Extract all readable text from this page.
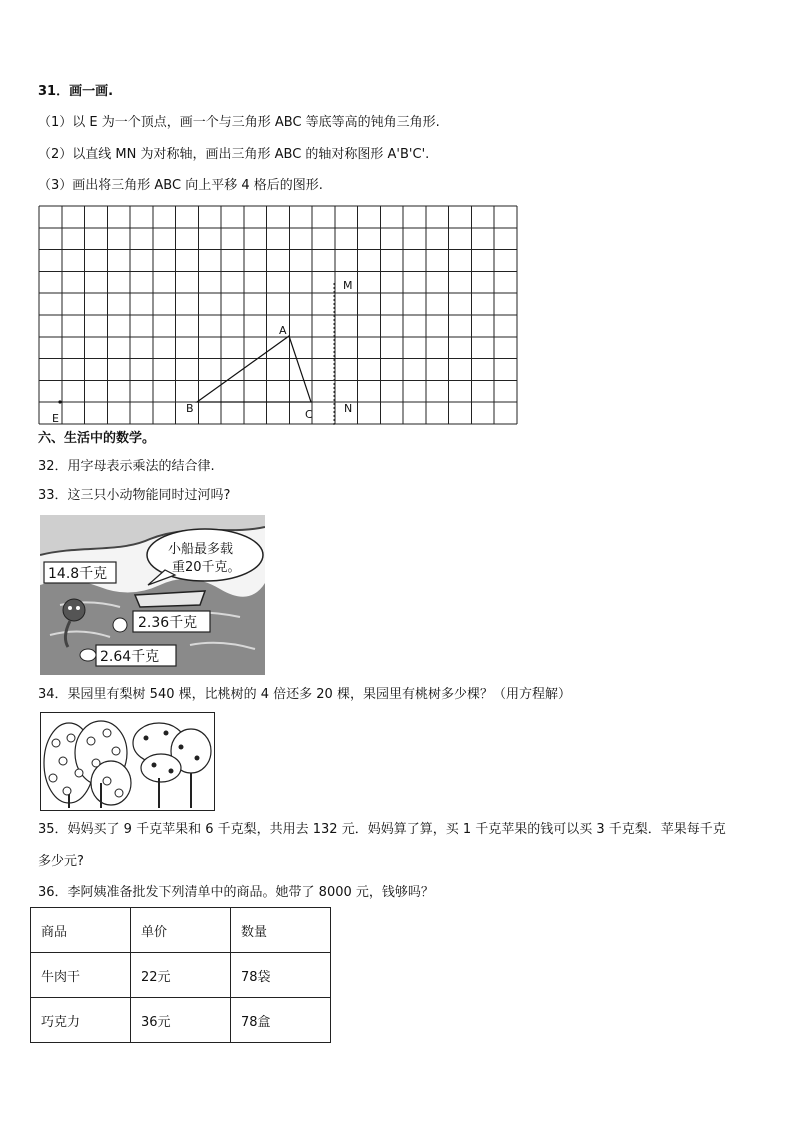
31．画一画.
（1）以 E 为一个顶点，画一个与三角形 ABC 等底等高的钝角三角形.
（2）以直线 MN 为对称轴，画出三角形 ABC 的轴对称图形 A'B'C'.
（3）画出将三角形 ABC 向上平移 4 格后的图形.
A
B	C
M
N
E
六、生活中的数学。
32．用字母表示乘法的结合律.
33．这三只小动物能同时过河吗?
小船最多载
重20千克。
14.8千克
2.36千克
2.64千克
34．果园里有梨树 540 棵，比桃树的 4 倍还多 20 棵，果园里有桃树多少棵？（用方程解）
35．妈妈买了 9 千克苹果和 6 千克梨，共用去 132 元．妈妈算了算，买 1 千克苹果的钱可以买 3 千克梨．苹果每千克
多少元?
36．李阿姨准备批发下列清单中的商品。她带了 8000 元，钱够吗？
商品	单价	数量
牛肉干	22元	78袋
巧克力	36元	78盒
